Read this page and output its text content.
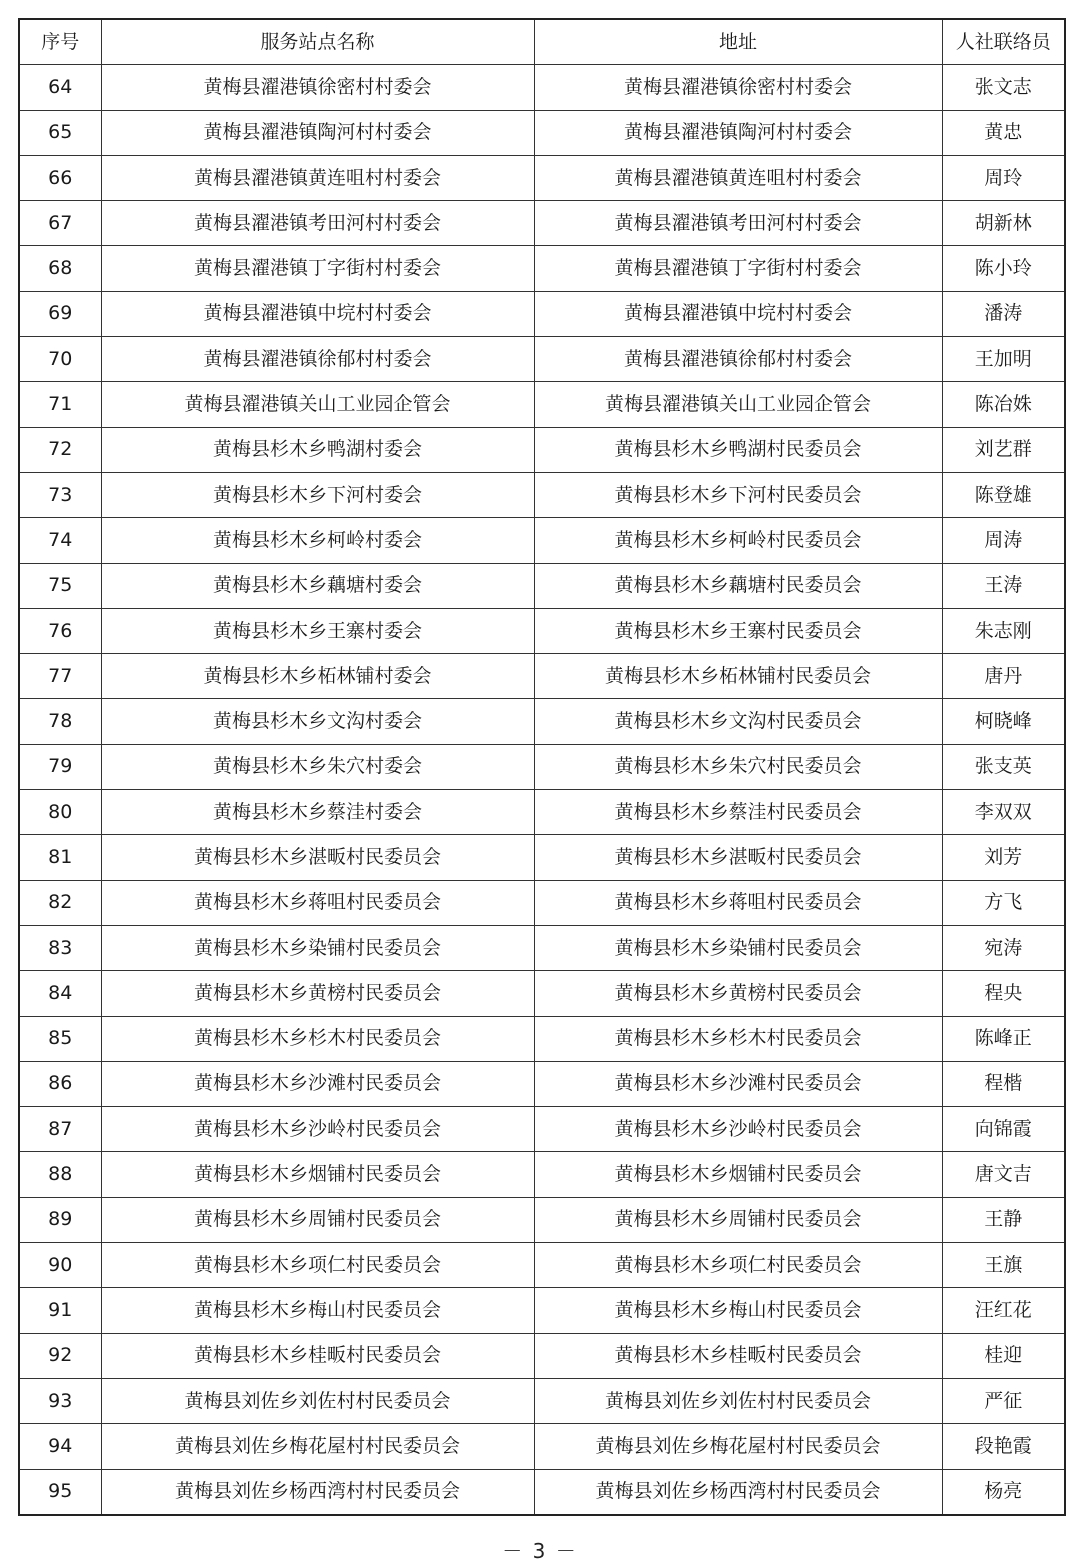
序号	服务站点名称	地址	人社联络员
64	黄梅县濯港镇徐密村村委会	黄梅县濯港镇徐密村村委会	张文志
65	黄梅县濯港镇陶河村村委会	黄梅县濯港镇陶河村村委会	黄忠
66	黄梅县濯港镇黄连咀村村委会	黄梅县濯港镇黄连咀村村委会	周玲
67	黄梅县濯港镇考田河村村委会	黄梅县濯港镇考田河村村委会	胡新林
68	黄梅县濯港镇丁字街村村委会	黄梅县濯港镇丁字街村村委会	陈小玲
69	黄梅县濯港镇中垸村村委会	黄梅县濯港镇中垸村村委会	潘涛
70	黄梅县濯港镇徐郁村村委会	黄梅县濯港镇徐郁村村委会	王加明
71	黄梅县濯港镇关山工业园企管会	黄梅县濯港镇关山工业园企管会	陈冶姝
72	黄梅县杉木乡鸭湖村委会	黄梅县杉木乡鸭湖村民委员会	刘艺群
73	黄梅县杉木乡下河村委会	黄梅县杉木乡下河村民委员会	陈登雄
74	黄梅县杉木乡柯岭村委会	黄梅县杉木乡柯岭村民委员会	周涛
75	黄梅县杉木乡藕塘村委会	黄梅县杉木乡藕塘村民委员会	王涛
76	黄梅县杉木乡王寨村委会	黄梅县杉木乡王寨村民委员会	朱志刚
77	黄梅县杉木乡柘林铺村委会	黄梅县杉木乡柘林铺村民委员会	唐丹
78	黄梅县杉木乡文沟村委会	黄梅县杉木乡文沟村民委员会	柯晓峰
79	黄梅县杉木乡朱穴村委会	黄梅县杉木乡朱穴村民委员会	张支英
80	黄梅县杉木乡蔡洼村委会	黄梅县杉木乡蔡洼村民委员会	李双双
81	黄梅县杉木乡湛畈村民委员会	黄梅县杉木乡湛畈村民委员会	刘芳
82	黄梅县杉木乡蒋咀村民委员会	黄梅县杉木乡蒋咀村民委员会	方飞
83	黄梅县杉木乡染铺村民委员会	黄梅县杉木乡染铺村民委员会	宛涛
84	黄梅县杉木乡黄榜村民委员会	黄梅县杉木乡黄榜村民委员会	程央
85	黄梅县杉木乡杉木村民委员会	黄梅县杉木乡杉木村民委员会	陈峰正
86	黄梅县杉木乡沙滩村民委员会	黄梅县杉木乡沙滩村民委员会	程楷
87	黄梅县杉木乡沙岭村民委员会	黄梅县杉木乡沙岭村民委员会	向锦霞
88	黄梅县杉木乡烟铺村民委员会	黄梅县杉木乡烟铺村民委员会	唐文吉
89	黄梅县杉木乡周铺村民委员会	黄梅县杉木乡周铺村民委员会	王静
90	黄梅县杉木乡项仁村民委员会	黄梅县杉木乡项仁村民委员会	王旗
91	黄梅县杉木乡梅山村民委员会	黄梅县杉木乡梅山村民委员会	汪红花
92	黄梅县杉木乡桂畈村民委员会	黄梅县杉木乡桂畈村民委员会	桂迎
93	黄梅县刘佐乡刘佐村村民委员会	黄梅县刘佐乡刘佐村村民委员会	严征
94	黄梅县刘佐乡梅花屋村村民委员会	黄梅县刘佐乡梅花屋村村民委员会	段艳霞
95	黄梅县刘佐乡杨西湾村村民委员会	黄梅县刘佐乡杨西湾村村民委员会	杨亮
－ 3 －
